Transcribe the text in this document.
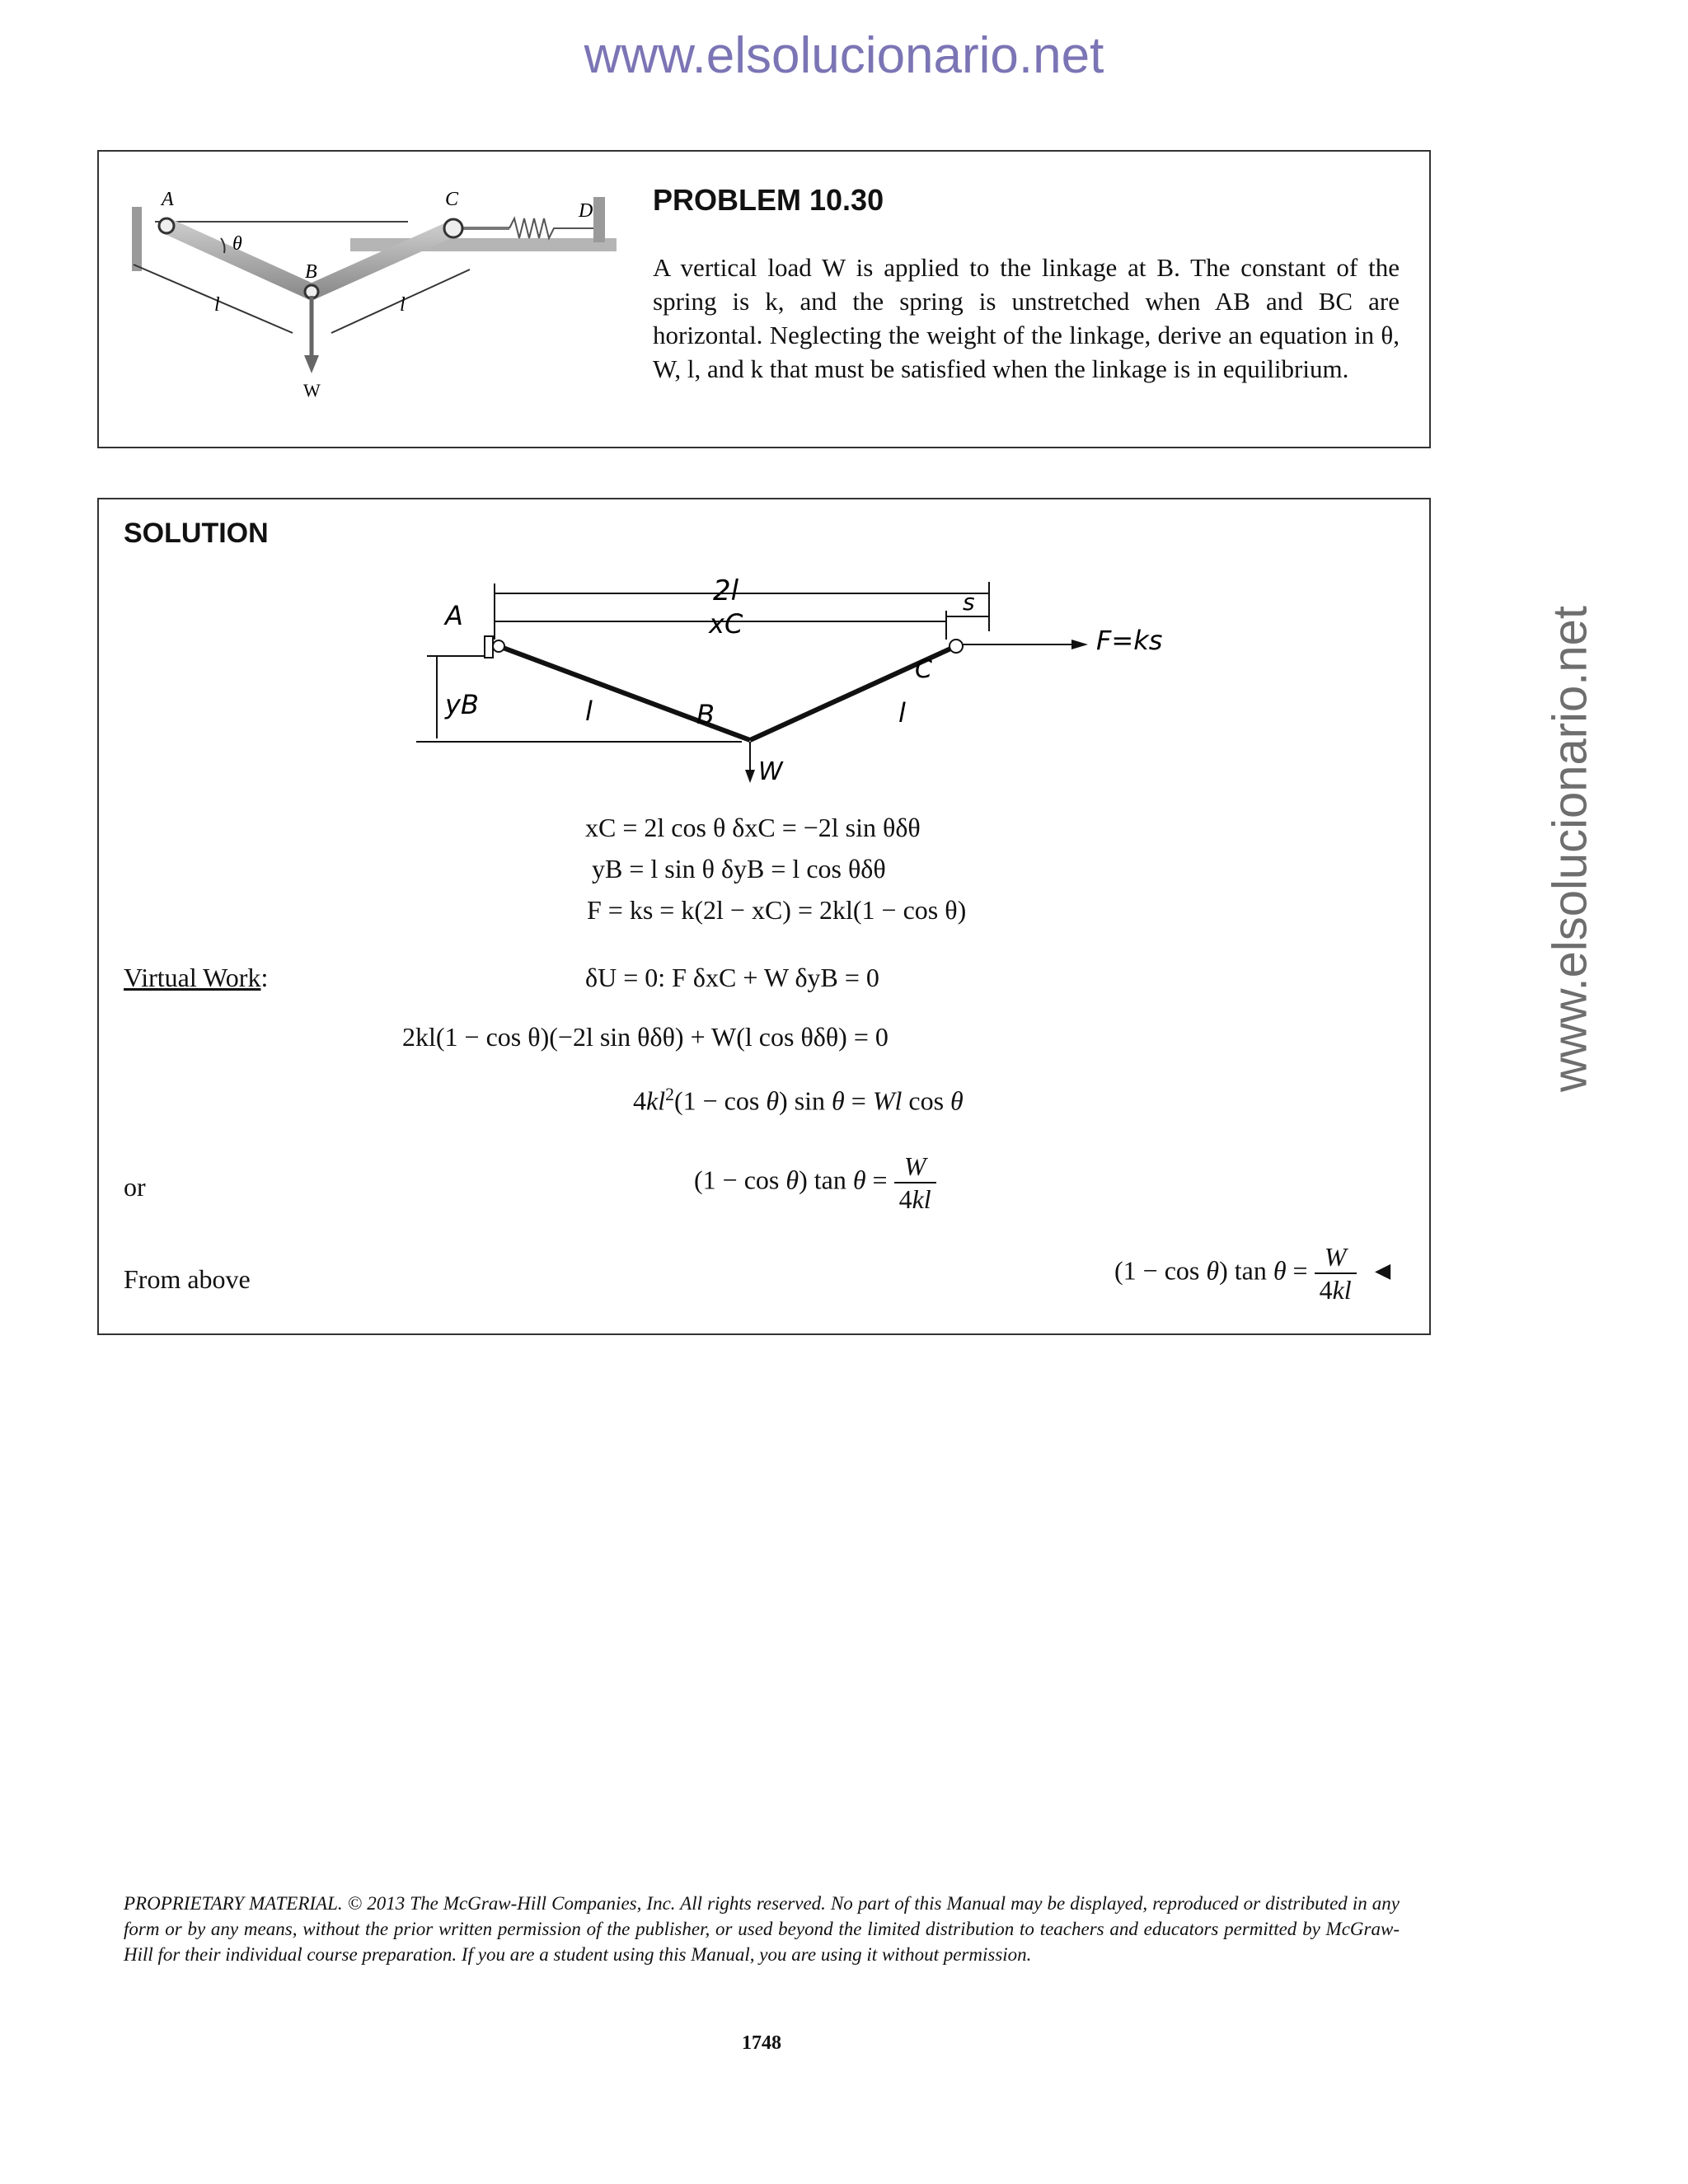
www.elsolucionario.net
www.elsolucionario.net
A
θ
B
C
D
l	l
W
PROBLEM 10.30
A vertical load W is applied to the linkage at B. The constant of the spring is k, and the spring is unstretched when AB and BC are horizontal. Neglecting the weight of the linkage, derive an equation in θ, W, l, and k that must be satisfied when the linkage is in equilibrium.
SOLUTION
2l
xC
s
F=ks
A
B
C
yB	l	l
W
xC = 2l cos θ δxC = −2l sin θδθ
yB = l sin θ δyB = l cos θδθ
F = ks = k(2l − xC) = 2kl(1 − cos θ)
Virtual Work:	δU = 0: F δxC + W δyB = 0
2kl(1 − cos θ)(−2l sin θδθ) + W(l cos θδθ) = 0
$4kl^2(1 - \cos \theta)$ sin θ = Wl cos θ
or	(1 − cos θ) $\tan \theta = \frac{W}{4kl}$
From above	(1 − cos θ) $\tan \theta = \frac{W}{4kl}$ ◄
PROPRIETARY MATERIAL. © 2013 The McGraw-Hill Companies, Inc. All rights reserved. No part of this Manual may be displayed, reproduced or distributed in any form or by any means, without the prior written permission of the publisher, or used beyond the limited distribution to teachers and educators permitted by McGraw-Hill for their individual course preparation. If you are a student using this Manual, you are using it without permission.
1748
